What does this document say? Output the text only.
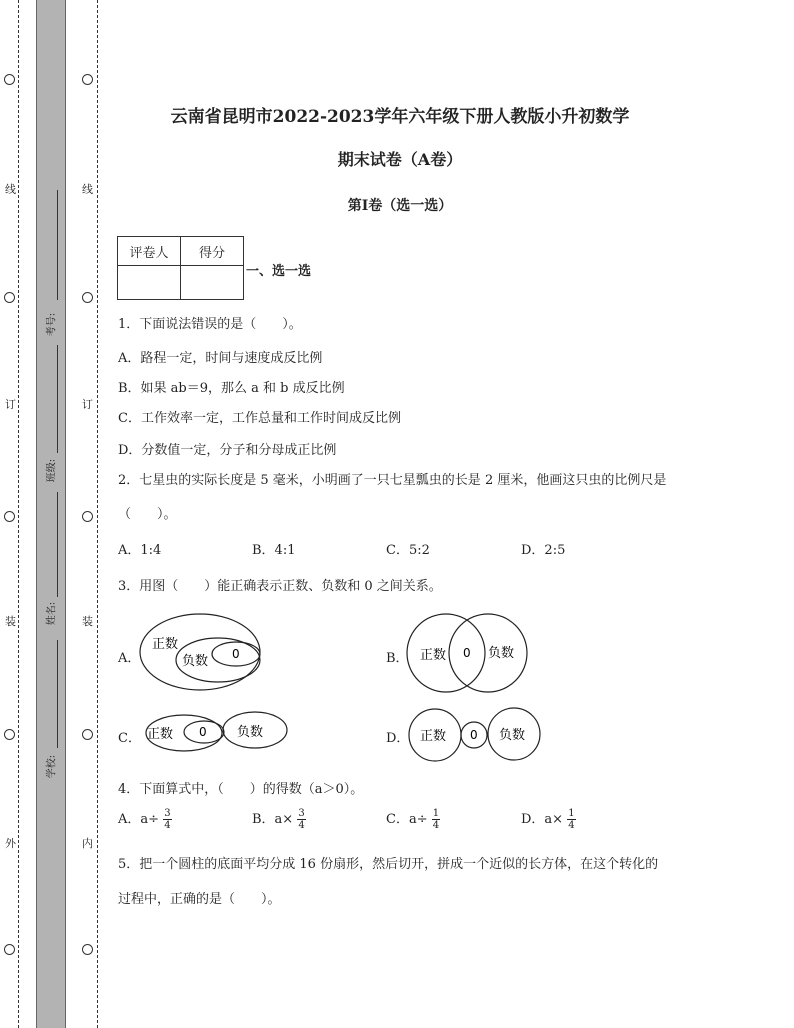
线
订
装
外
线
订
装
内
考号:
班级:
姓名:
学校:
云南省昆明市2022-2023学年六年级下册人教版小升初数学
期末试卷（A卷）
第Ⅰ卷（选一选）
评卷人	得分

一、选一选
1．下面说法错误的是（　　）。
A．路程一定，时间与速度成反比例
B．如果 ab＝9，那么 a 和 b 成反比例
C．工作效率一定，工作总量和工作时间成反比例
D．分数值一定，分子和分母成正比例
2．七星虫的实际长度是 5 毫米，小明画了一只七星瓢虫的长是 2 厘米，他画这只虫的比例尺是
（　　）。
A．1:4	B．4:1	C．5:2	D．2:5
3．用图（　　）能正确表示正数、负数和 0 之间关系。
A．
正数
负数 0	B． 正数 0 负数
C． 正数 0 负数	D． 正数 0 负数
4．下面算式中，（　　）的得数（a＞0）。
A．$a\div \frac{3}{4}$	B．$a\times \frac{3}{4}$	C．$a\div \frac{1}{4}$	D．$a\times \frac{1}{4}$
5．把一个圆柱的底面平均分成 16 份扇形，然后切开，拼成一个近似的长方体，在这个转化的
过程中，正确的是（　　）。
